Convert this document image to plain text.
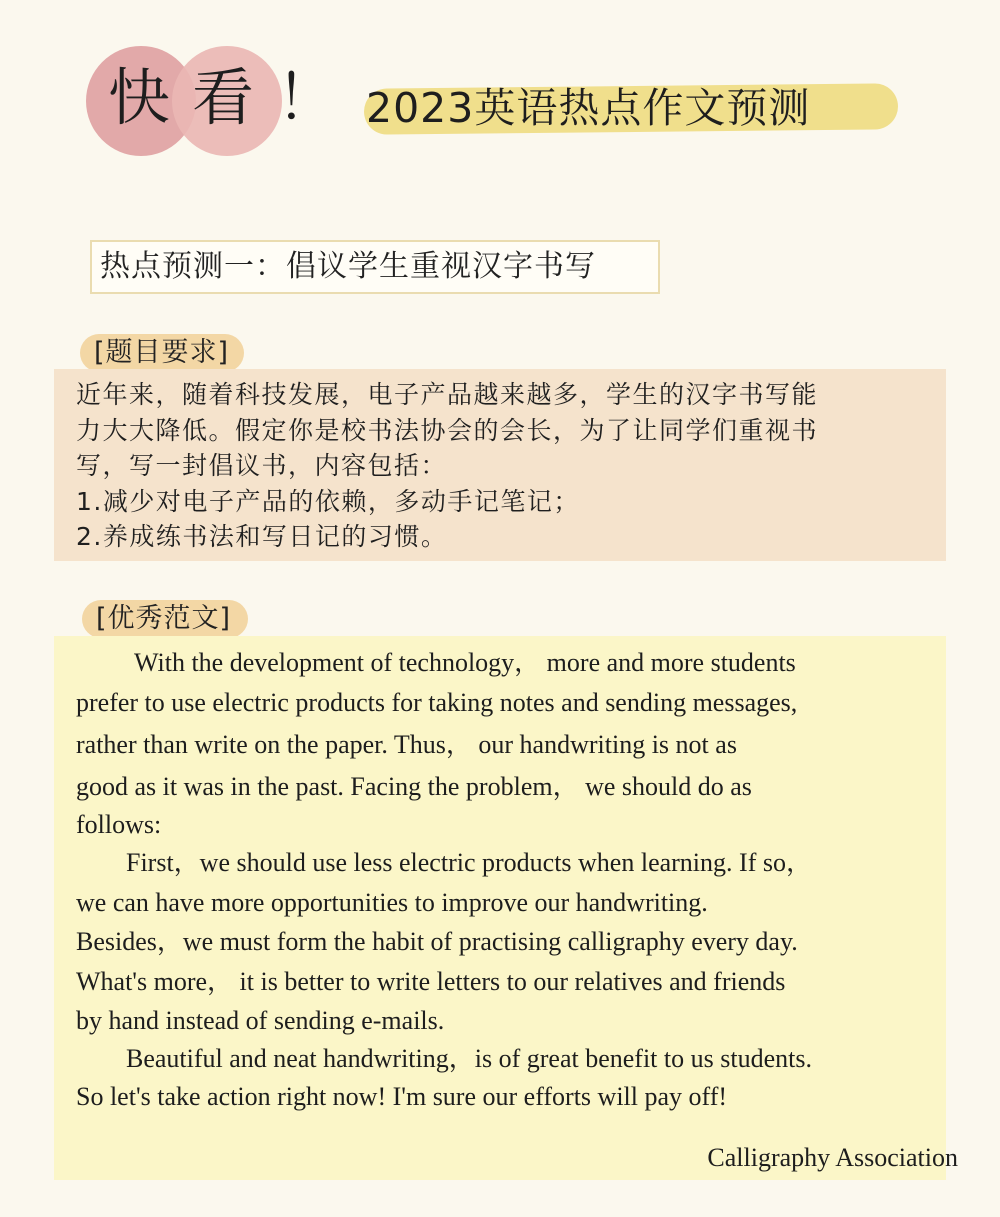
快看！ 2023英语热点作文预测
热点预测一：倡议学生重视汉字书写
[题目要求]
近年来，随着科技发展，电子产品越来越多，学生的汉字书写能
力大大降低。假定你是校书法协会的会长，为了让同学们重视书
写，写一封倡议书，内容包括：
1.减少对电子产品的依赖，多动手记笔记；
2.养成练书法和写日记的习惯。
[优秀范文]
With the development of technology， more and more students
prefer to use electric products for taking notes and sending messages,
rather than write on the paper. Thus， our handwriting is not as
good as it was in the past. Facing the problem， we should do as
follows:
First，we should use less electric products when learning. If so，
we can have more opportunities to improve our handwriting.
Besides，we must form the habit of practising calligraphy every day.
What's more， it is better to write letters to our relatives and friends
by hand instead of sending e-mails.
Beautiful and neat handwriting，is of great benefit to us students.
So let's take action right now! I'm sure our efforts will pay off!
Calligraphy Association
